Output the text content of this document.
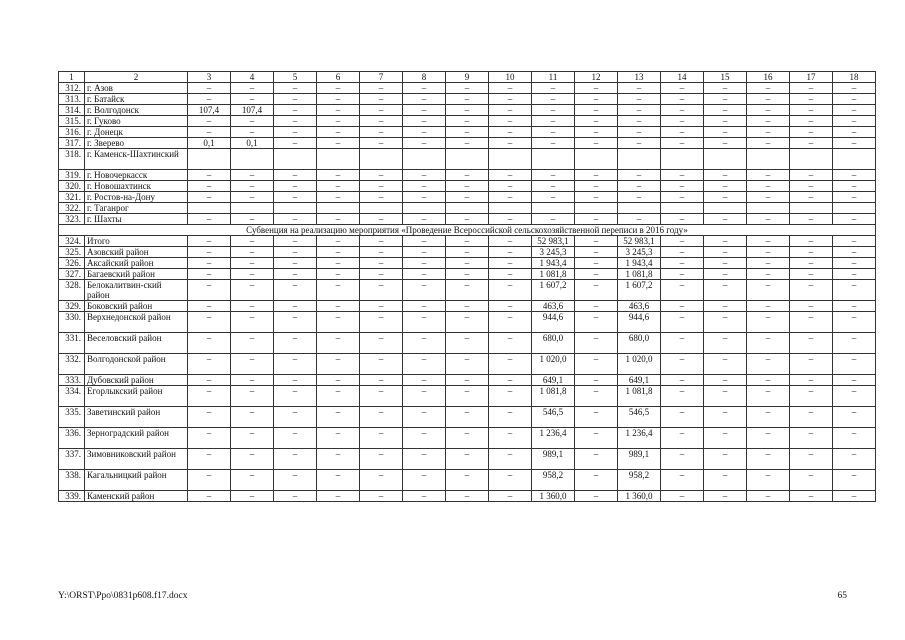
1	2	3	4	5	6	7	8	9	10	11	12	13	14	15	16	17	18
312.	г. Азов	–	–	–	–	–	–	–	–	–	–	–	–	–	–	–	–
313.	г. Батайск	–	–	–	–	–	–	–	–	–	–	–	–	–	–	–	–
314.	г. Волгодонск	107,4	107,4	–	–	–	–	–	–	–	–	–	–	–	–	–	–
315.	г. Гуково	–	–	–	–	–	–	–	–	–	–	–	–	–	–	–	–
316.	г. Донецк	–	–	–	–	–	–	–	–	–	–	–	–	–	–	–	–
317.	г. Зверево	0,1	0,1	–	–	–	–	–	–	–	–	–	–	–	–	–	–
318.	г. Каменск-Шахтинский																
319.	г. Новочеркасск	–	–	–	–	–	–	–	–	–	–	–	–	–	–	–	–
320.	г. Новошахтинск	–	–	–	–	–	–	–	–	–	–	–	–	–	–	–	–
321.	г. Ростов-на-Дону	–	–	–	–	–	–	–	–	–	–	–	–	–	–	–	–
322.	г. Таганрог																
323.	г. Шахты	–	–	–	–	–	–	–	–	–	–	–	–	–	–	–	–
Субвенция на реализацию мероприятия «Проведение Всероссийской сельскохозяйственной переписи в 2016 году»																	
324.	Итого	–	–	–	–	–	–	–	–	52 983,1	–	52 983,1	–	–	–	–	–
325.	Азовский район	–	–	–	–	–	–	–	–	3 245,3	–	3 245,3	–	–	–	–	–
326.	Аксайский район	–	–	–	–	–	–	–	–	1 943,4	–	1 943,4	–	–	–	–	–
327.	Багаевский район	–	–	–	–	–	–	–	–	1 081,8	–	1 081,8	–	–	–	–	–
328.	Белокалитвин-ский район	–	–	–	–	–	–	–	–	1 607,2	–	1 607,2	–	–	–	–	–
329.	Боковский район	–	–	–	–	–	–	–	–	463,6	–	463,6	–	–	–	–	–
330.	Верхнедонской район	–	–	–	–	–	–	–	–	944,6	–	944,6	–	–	–	–	–
331.	Веселовский район	–	–	–	–	–	–	–	–	680,0	–	680,0	–	–	–	–	–
332.	Волгодонской район	–	–	–	–	–	–	–	–	1 020,0	–	1 020,0	–	–	–	–	–
333.	Дубовский район	–	–	–	–	–	–	–	–	649,1	–	649,1	–	–	–	–	–
334.	Егорлыкский район	–	–	–	–	–	–	–	–	1 081,8	–	1 081,8	–	–	–	–	–
335.	Заветинский район	–	–	–	–	–	–	–	–	546,5	–	546,5	–	–	–	–	–
336.	Зерноградский район	–	–	–	–	–	–	–	–	1 236,4	–	1 236,4	–	–	–	–	–
337.	Зимовниковский район	–	–	–	–	–	–	–	–	989,1	–	989,1	–	–	–	–	–
338.	Кагальницкий район	–	–	–	–	–	–	–	–	958,2	–	958,2	–	–	–	–	–
339.	Каменский район	–	–	–	–	–	–	–	–	1 360,0	–	1 360,0	–	–	–	–	–
Y:\ORST\Ppo\0831p608.f17.docx	65
